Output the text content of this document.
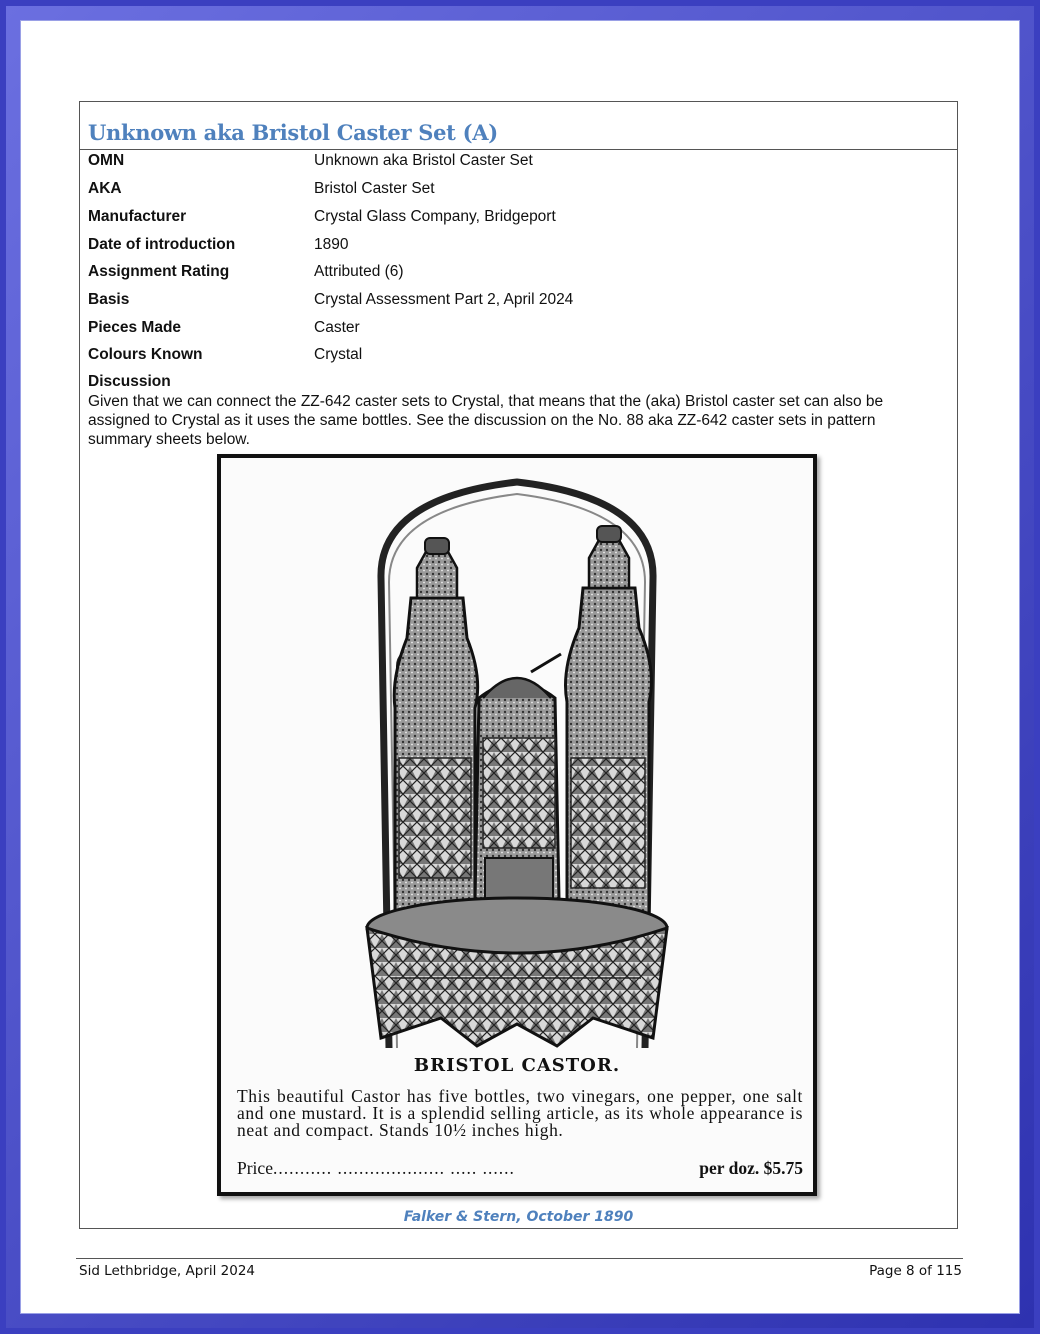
Unknown aka Bristol Caster Set (A)
OMN	Unknown aka Bristol Caster Set
AKA	Bristol Caster Set
Manufacturer	Crystal Glass Company, Bridgeport
Date of introduction	1890
Assignment Rating	Attributed (6)
Basis	Crystal Assessment Part 2, April 2024
Pieces Made	Caster
Colours Known	Crystal
Discussion
Given that we can connect the ZZ-642 caster sets to Crystal, that means that the (aka) Bristol caster set can also be assigned to Crystal as it uses the same bottles. See the discussion on the No. 88 aka ZZ-642 caster sets in pattern summary sheets below.
BRISTOL CASTOR.
This beautiful Castor has five bottles, two vinegars, one pepper, one salt and one mustard. It is a splendid selling article, as its whole appearance is neat and compact. Stands 10½ inches high.
Price........... .................... ..... ......	per doz. $5.75
Falker & Stern, October 1890
Sid Lethbridge, April 2024	Page 8 of 115
